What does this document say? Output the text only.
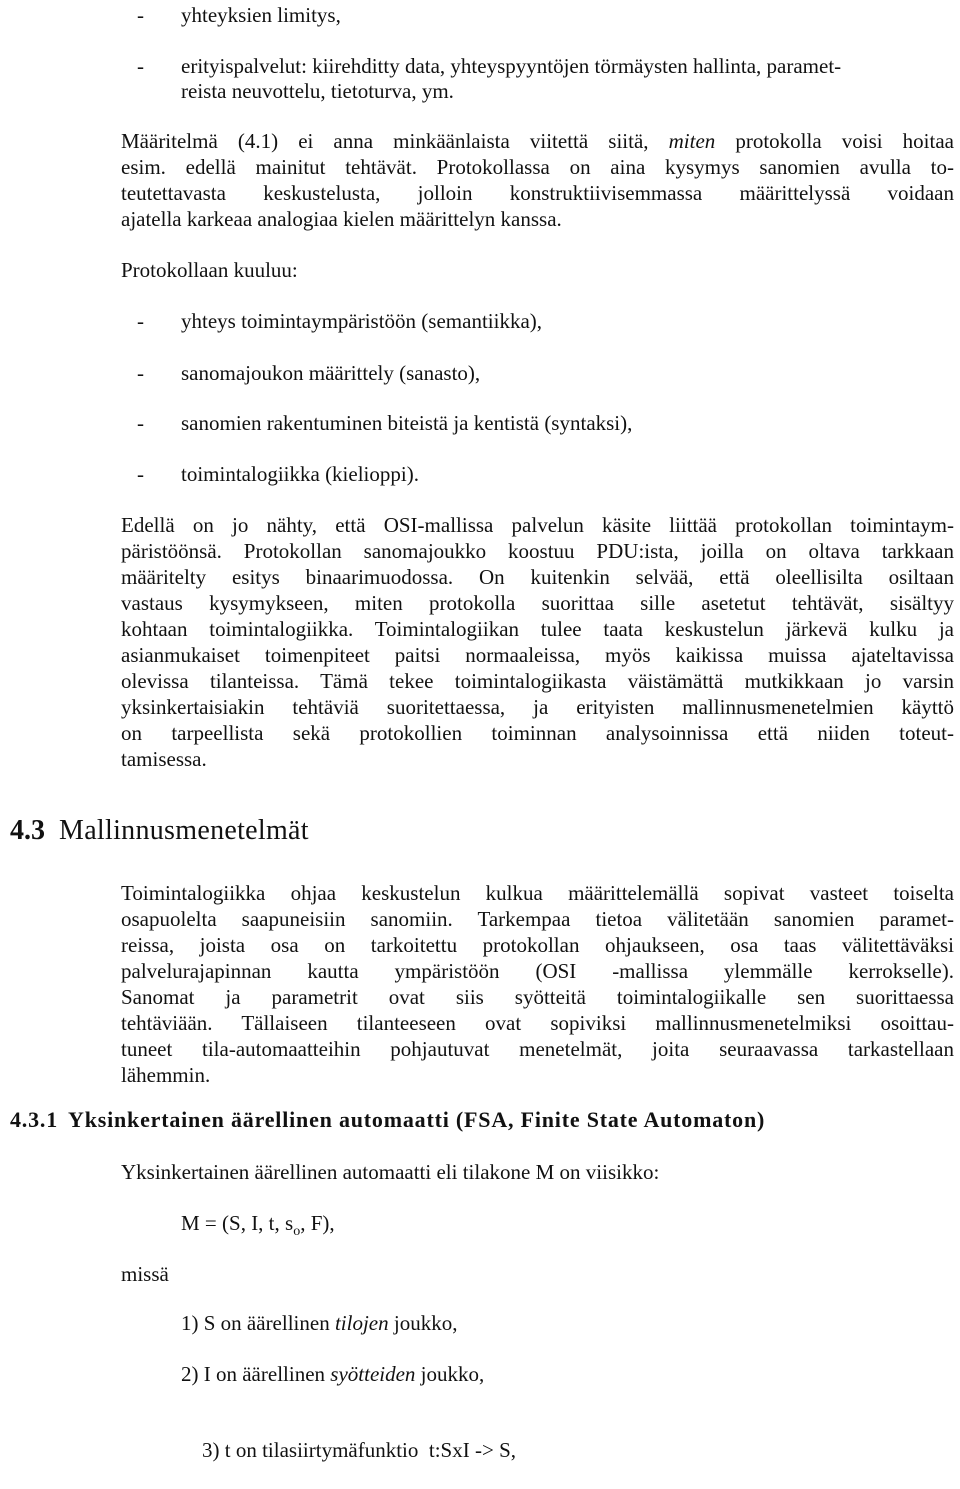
- yhteyksien limitys,
- erityispalvelut: kiirehditty data, yhteyspyyntöjen törmäysten hallinta, paramet-
reista neuvottelu, tietoturva, ym.
Määritelmä (4.1) ei anna minkäänlaista viitettä siitä, miten protokolla voisi hoitaa
esim. edellä mainitut tehtävät. Protokollassa on aina kysymys sanomien avulla to-
teutettavasta keskustelusta, jolloin konstruktiivisemmassa määrittelyssä voidaan
ajatella karkeaa analogiaa kielen määrittelyn kanssa.
Protokollaan kuuluu:
- yhteys toimintaympäristöön (semantiikka),
- sanomajoukon määrittely (sanasto),
- sanomien rakentuminen biteistä ja kentistä (syntaksi),
- toimintalogiikka (kielioppi).
Edellä on jo nähty, että OSI-mallissa palvelun käsite liittää protokollan toimintaym-
päristöönsä. Protokollan sanomajoukko koostuu PDU:ista, joilla on oltava tarkkaan
määritelty esitys binaarimuodossa. On kuitenkin selvää, että oleellisilta osiltaan
vastaus kysymykseen, miten protokolla suorittaa sille asetetut tehtävät, sisältyy
kohtaan toimintalogiikka. Toimintalogiikan tulee taata keskustelun järkevä kulku ja
asianmukaiset toimenpiteet paitsi normaaleissa, myös kaikissa muissa ajateltavissa
olevissa tilanteissa. Tämä tekee toimintalogiikasta väistämättä mutkikkaan jo varsin
yksinkertaisiakin tehtäviä suoritettaessa, ja erityisten mallinnusmenetelmien käyttö
on tarpeellista sekä protokollien toiminnan analysoinnissa että niiden toteut-
tamisessa.
4.3 Mallinnusmenetelmät
Toimintalogiikka ohjaa keskustelun kulkua määrittelemällä sopivat vasteet toiselta
osapuolelta saapuneisiin sanomiin. Tarkempaa tietoa välitetään sanomien paramet-
reissa, joista osa on tarkoitettu protokollan ohjaukseen, osa taas välitettäväksi
palvelurajapinnan kautta ympäristöön (OSI -mallissa ylemmälle kerrokselle).
Sanomat ja parametrit ovat siis syötteitä toimintalogiikalle sen suorittaessa
tehtäviään. Tällaiseen tilanteeseen ovat sopiviksi mallinnusmenetelmiksi osoittau-
tuneet tila-automaatteihin pohjautuvat menetelmät, joita seuraavassa tarkastellaan
lähemmin.
4.3.1 Yksinkertainen äärellinen automaatti (FSA, Finite State Automaton)
Yksinkertainen äärellinen automaatti eli tilakone M on viisikko:
M = (S, I, t, $s_o$, F),
missä
1) S on äärellinen tilojen joukko,
2) I on äärellinen syötteiden joukko,

3) t on tilasiirtymäfunktio  t:SxI -> S,
